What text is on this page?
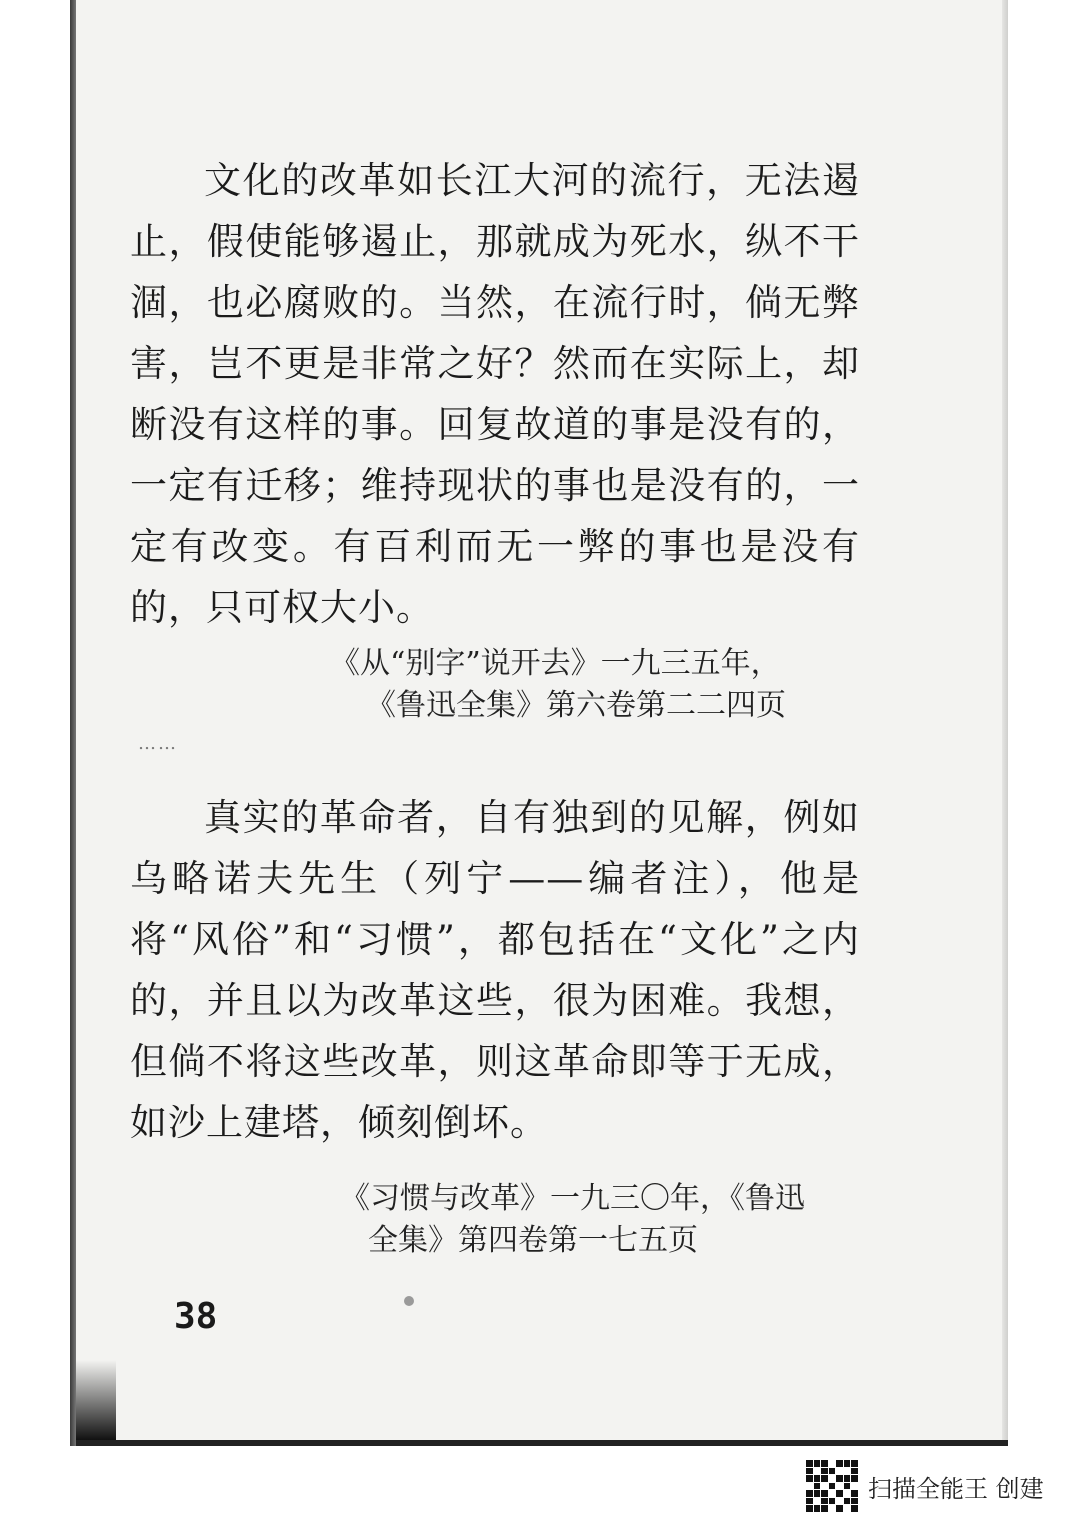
文化的改革如长江大河的流行，无法遏止，假使能够遏止，那就成为死水，纵不干涸，也必腐败的。当然，在流行时，倘无弊害，岂不更是非常之好？然而在实际上，却断没有这样的事。回复故道的事是没有的，一定有迁移；维持现状的事也是没有的，一定有改变。有百利而无一弊的事也是没有的，只可权大小。

《从“别字”说开去》一九三五年，
《鲁迅全集》第六卷第二二四页
……

真实的革命者，自有独到的见解，例如乌略诺夫先生（列宁——编者注），他是将“风俗”和“习惯”，都包括在“文化”之内的，并且以为改革这些，很为困难。我想，但倘不将这些改革，则这革命即等于无成，如沙上建塔，倾刻倒坏。

《习惯与改革》一九三〇年，《鲁迅
全集》第四卷第一七五页
38
扫描全能王 创建
